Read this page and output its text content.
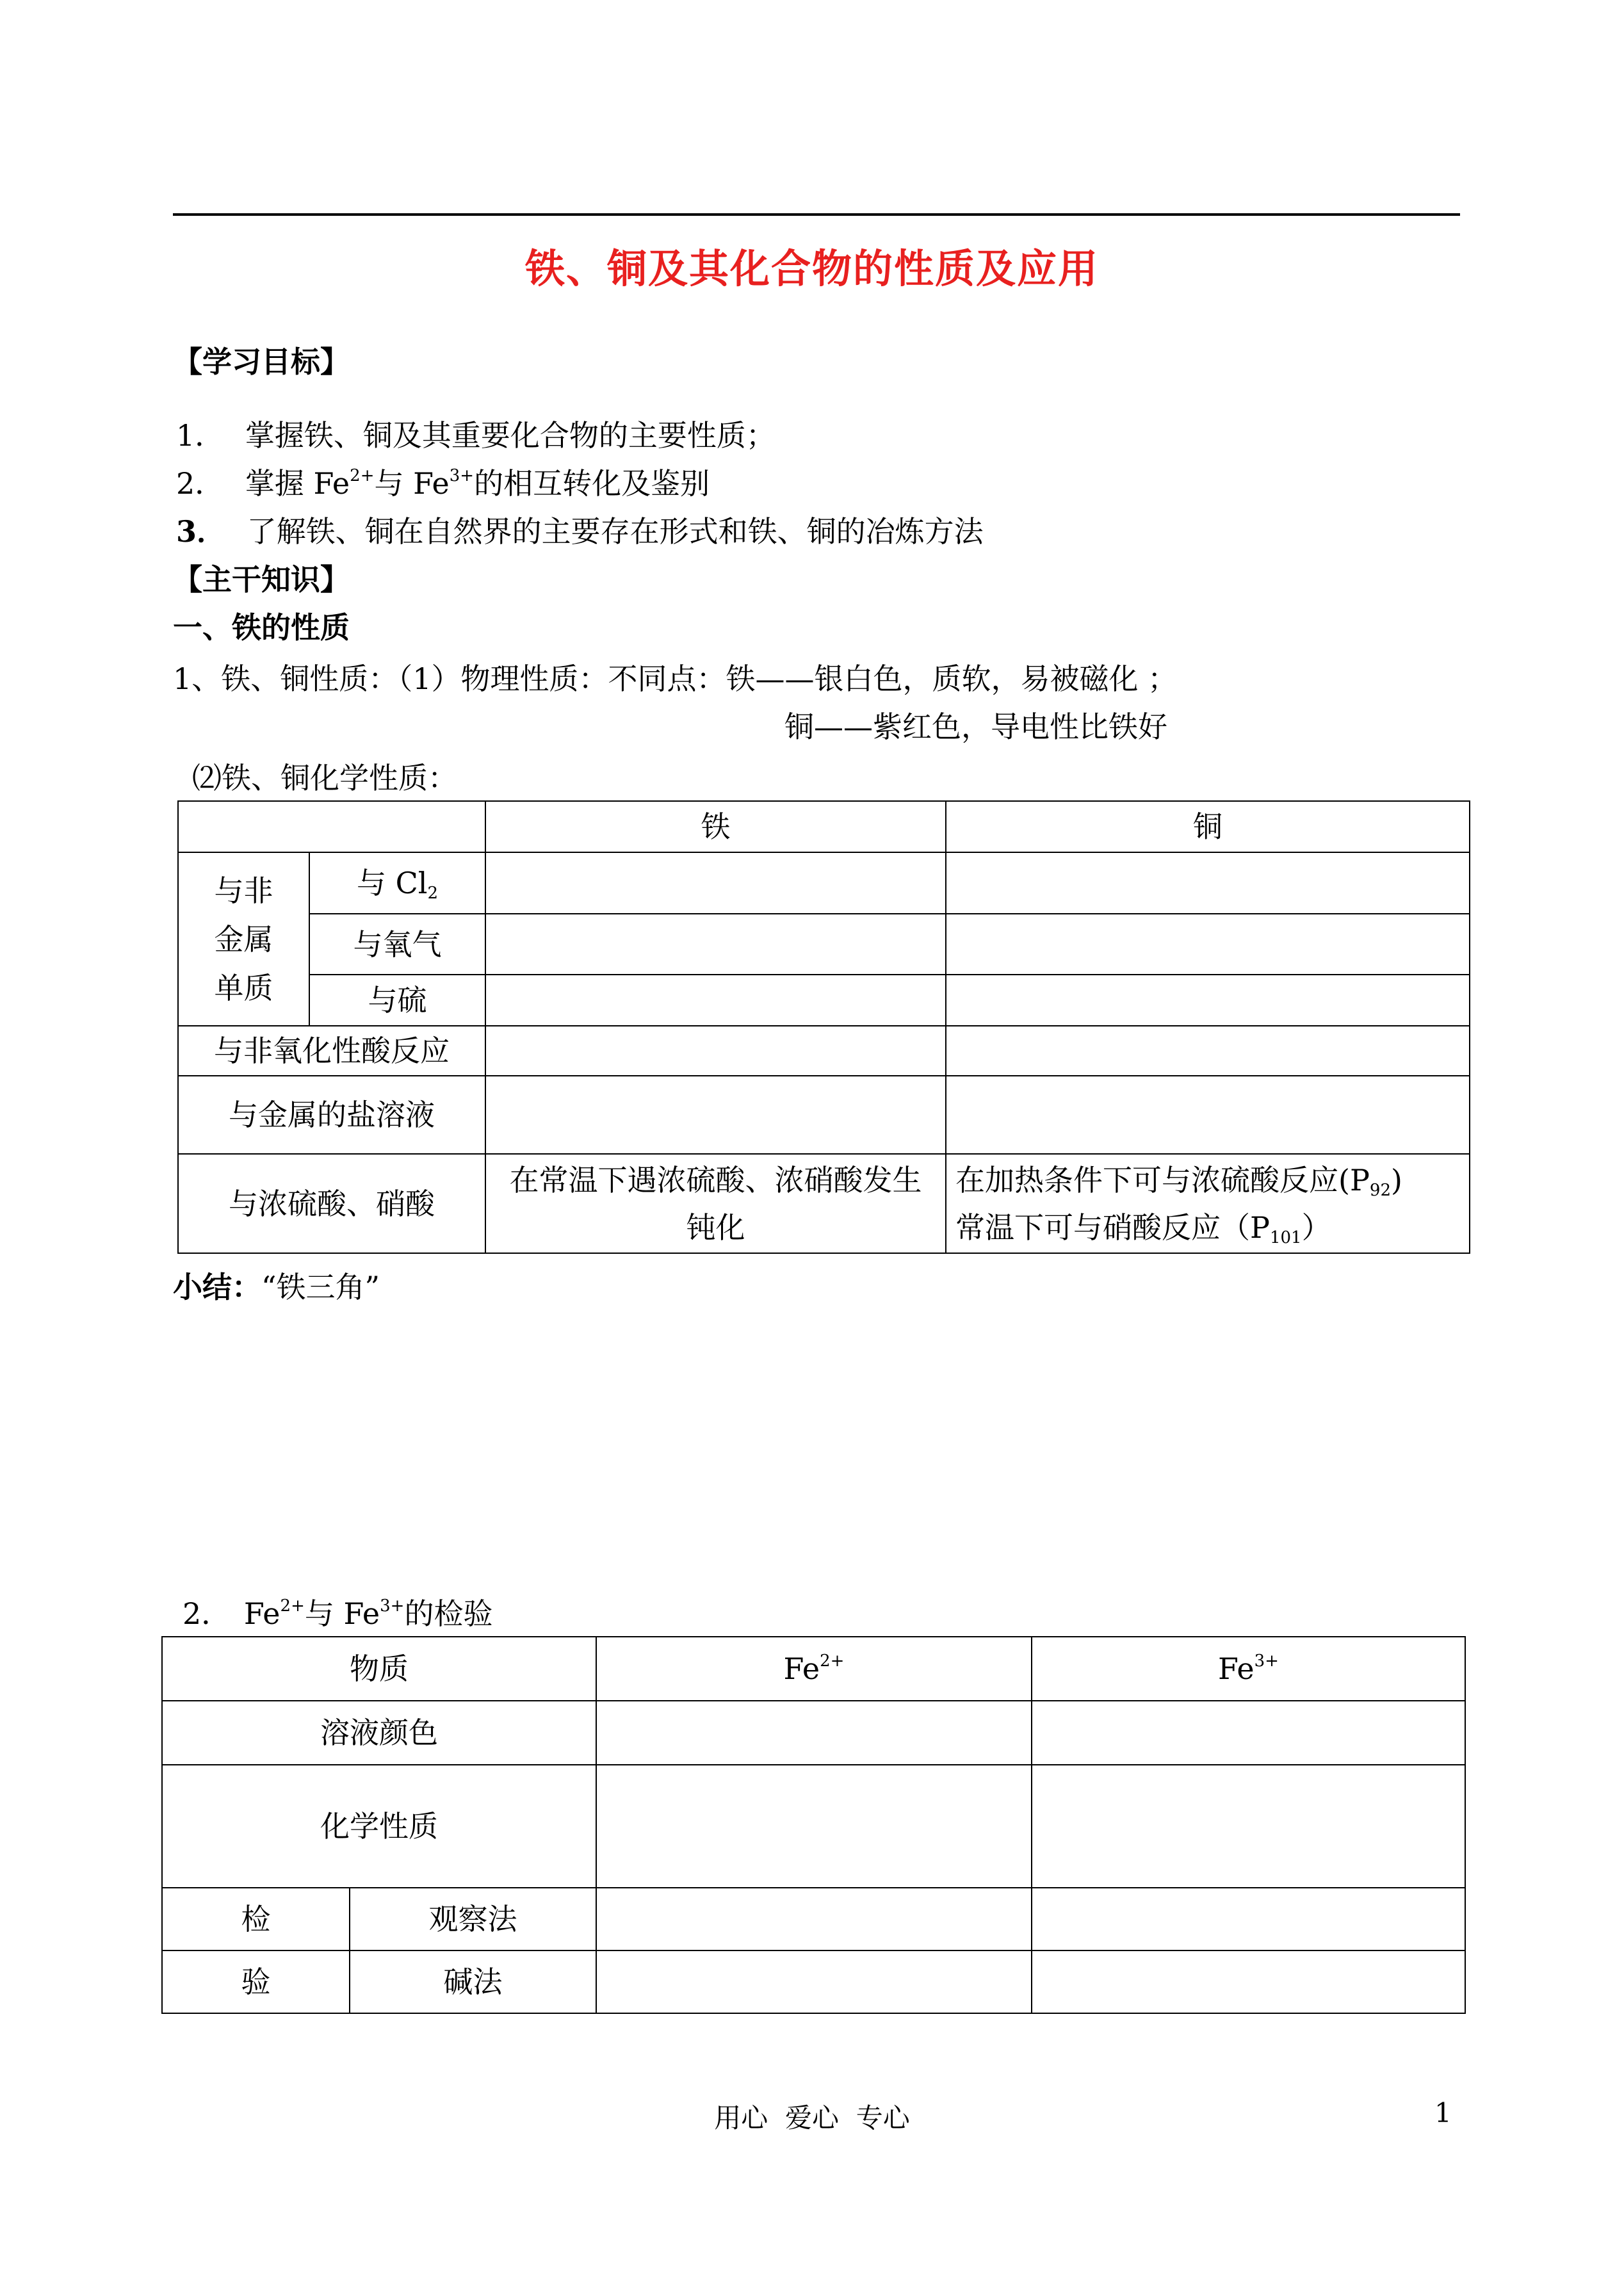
铁、铜及其化合物的性质及应用
【学习目标】
1． 掌握铁、铜及其重要化合物的主要性质；
2． 掌握 $Fe^{2+}$与 $Fe^{3+}$的相互转化及鉴别
3． 了解铁、铜在自然界的主要存在形式和铁、铜的冶炼方法
【主干知识】
一、铁的性质
1、铁、铜性质：（1）物理性质：不同点：铁——银白色，质软，易被磁化 ；
铜——紫红色，导电性比铁好
⑵铁、铜化学性质：
		铁	铜
与非
金属
单质	与 $Cl_2$		
	与氧气		
	与硫		
与非氧化性酸反应			
与金属的盐溶液			
与浓硫酸、硝酸		在常温下遇浓硫酸、浓硝酸发生钝化	在加热条件下可与浓硫酸反应$(P_{92})$
常温下可与硝酸反应$(P_{101})$
小结：“铁三角”
2． $Fe^{2+}$与 $Fe^{3+}$的检验
物质		$Fe^{2+}$	$Fe^{3+}$
溶液颜色			
化学性质			
检	观察法		
验	碱法		
用心  爱心  专心	1
